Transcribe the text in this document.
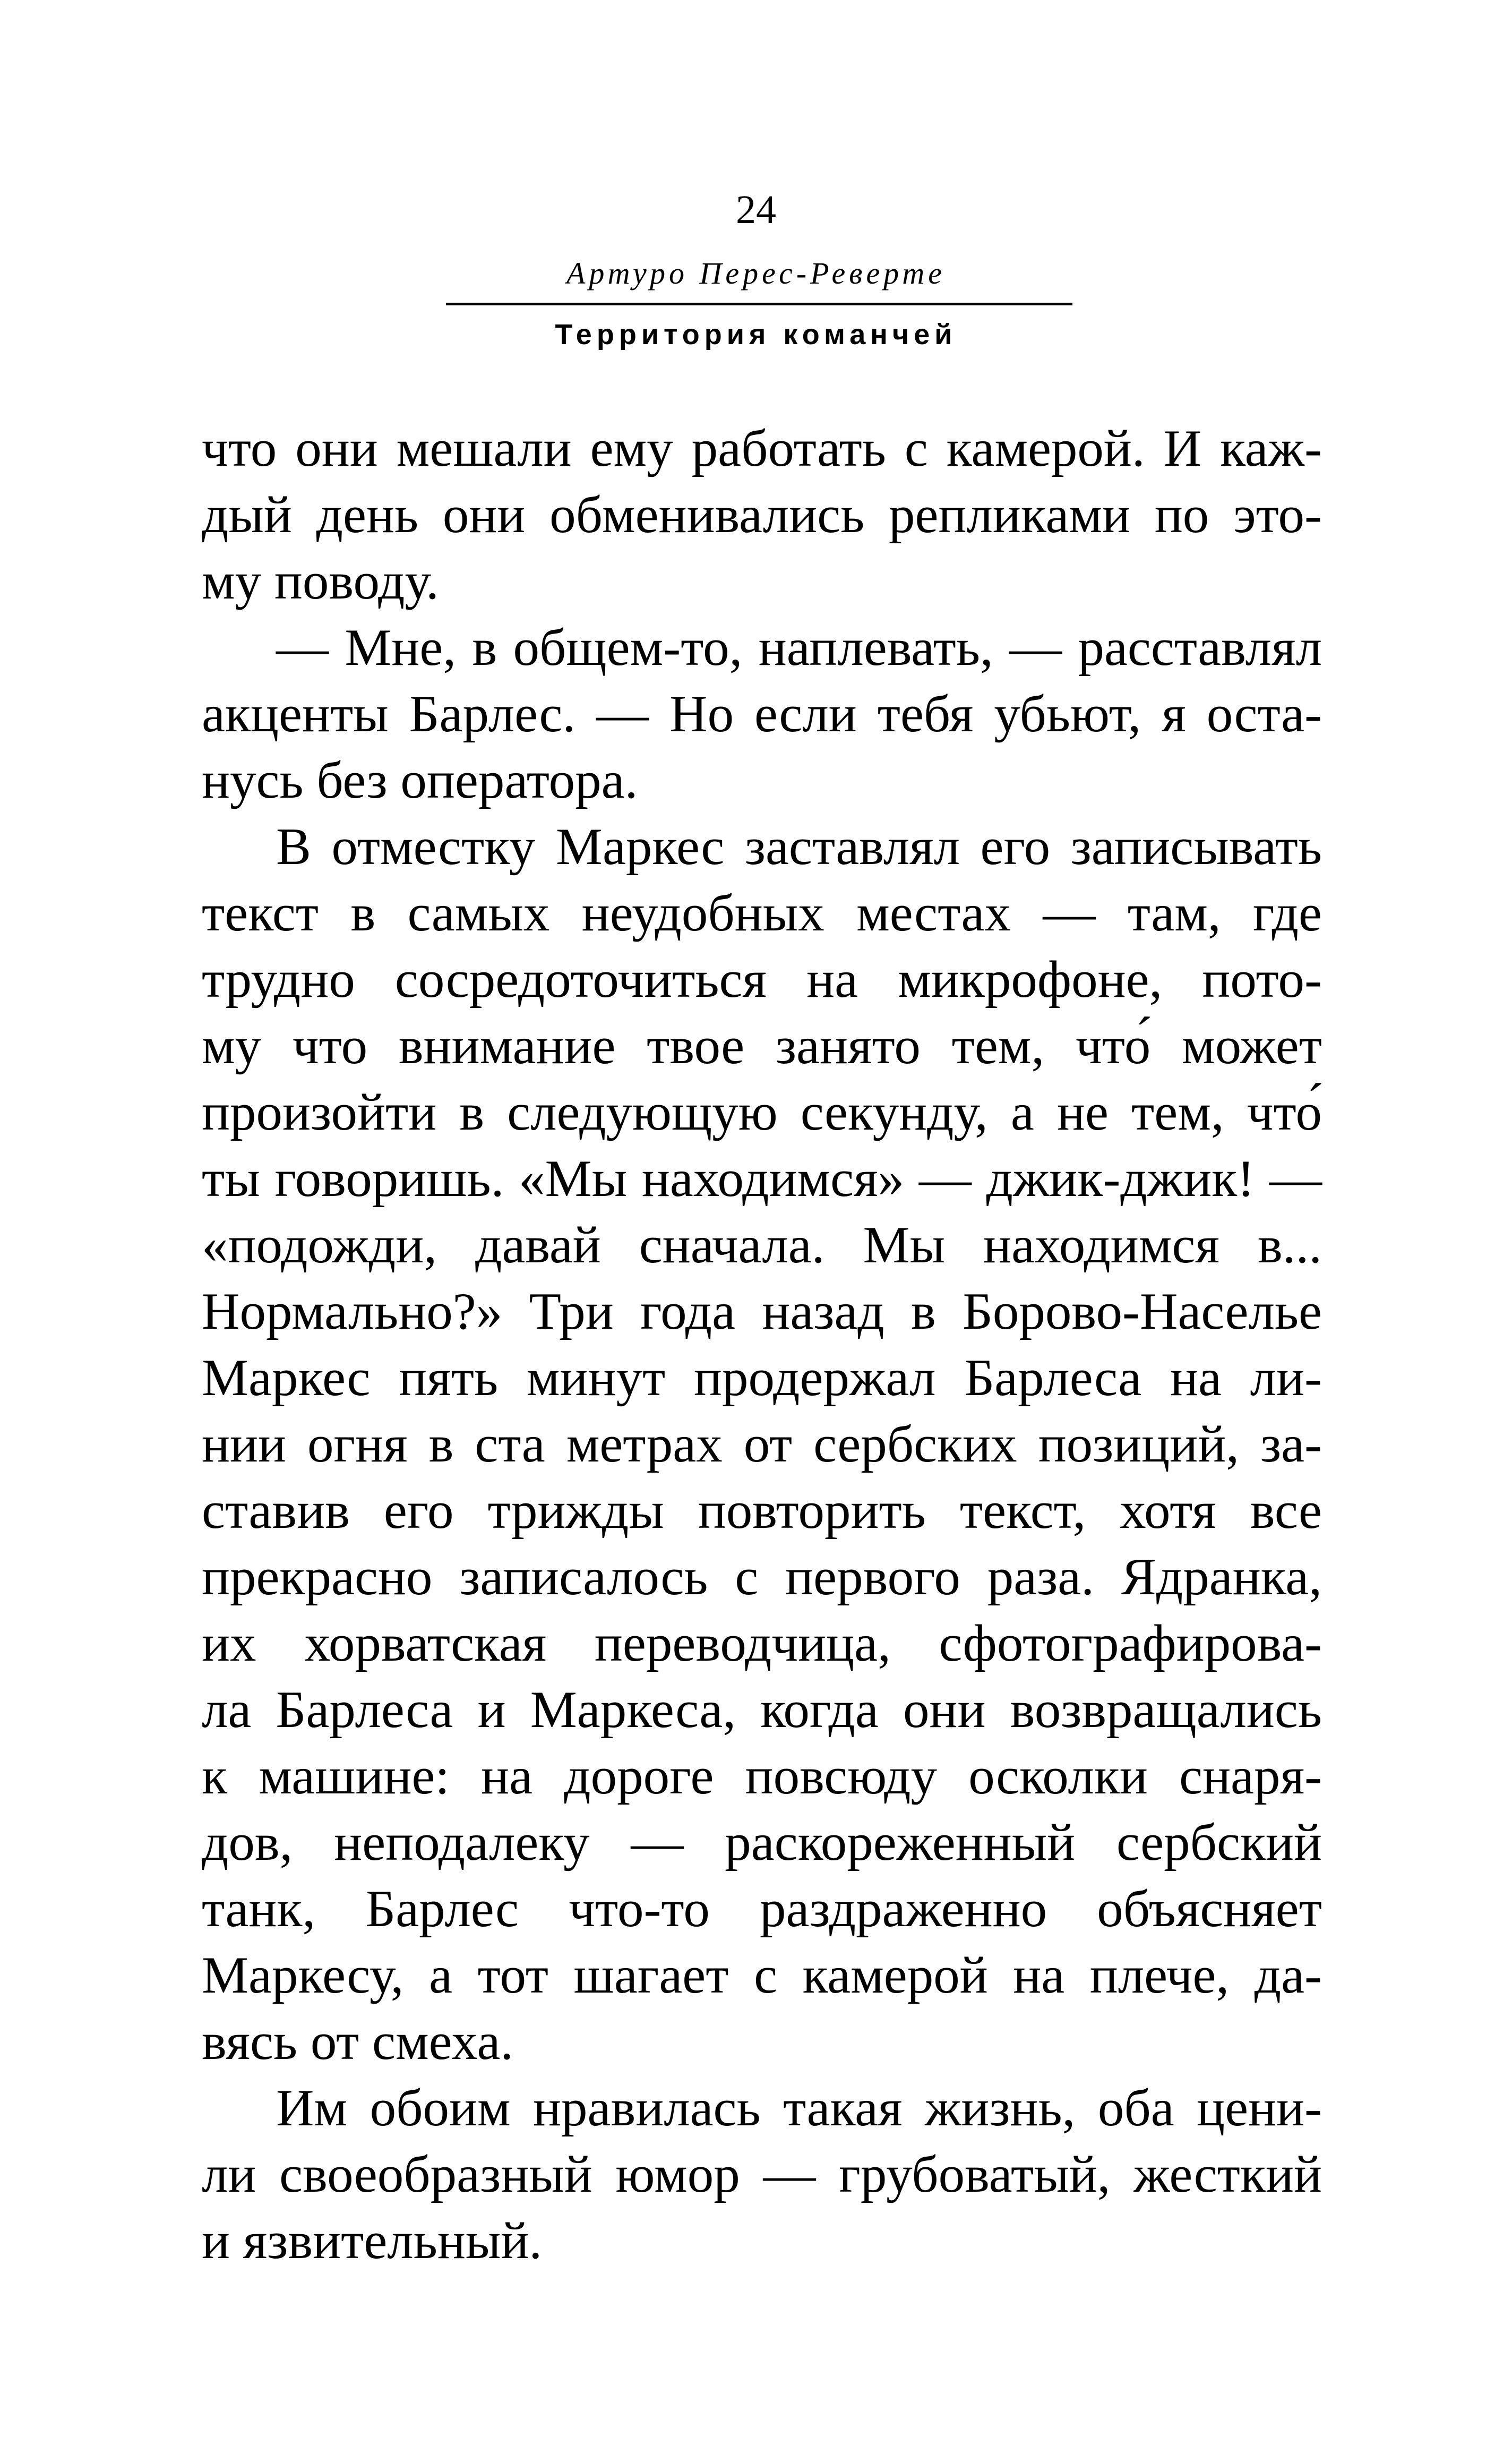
24
Артуро Перес-Реверте
Территория команчей
что они мешали ему работать с камерой. И каж-
дый день они обменивались репликами по это-
му поводу.
— Мне, в общем-то, наплевать, — расставлял
акценты Барлес. — Но если тебя убьют, я оста-
нусь без оператора.
В отместку Маркес заставлял его записывать
текст в самых неудобных местах — там, где
трудно сосредоточиться на микрофоне, пото-
му что внимание твое занято тем, что́ может
произойти в следующую секунду, а не тем, что́
ты говоришь. «Мы находимся» — джик-джик! —
«подожди, давай сначала. Мы находимся в...
Нормально?» Три года назад в Борово-Населье
Маркес пять минут продержал Барлеса на ли-
нии огня в ста метрах от сербских позиций, за-
ставив его трижды повторить текст, хотя все
прекрасно записалось с первого раза. Ядранка,
их хорватская переводчица, сфотографирова-
ла Барлеса и Маркеса, когда они возвращались
к машине: на дороге повсюду осколки снаря-
дов, неподалеку — раскореженный сербский
танк, Барлес что-то раздраженно объясняет
Маркесу, а тот шагает с камерой на плече, да-
вясь от смеха.
Им обоим нравилась такая жизнь, оба цени-
ли своеобразный юмор — грубоватый, жесткий
и язвительный.
